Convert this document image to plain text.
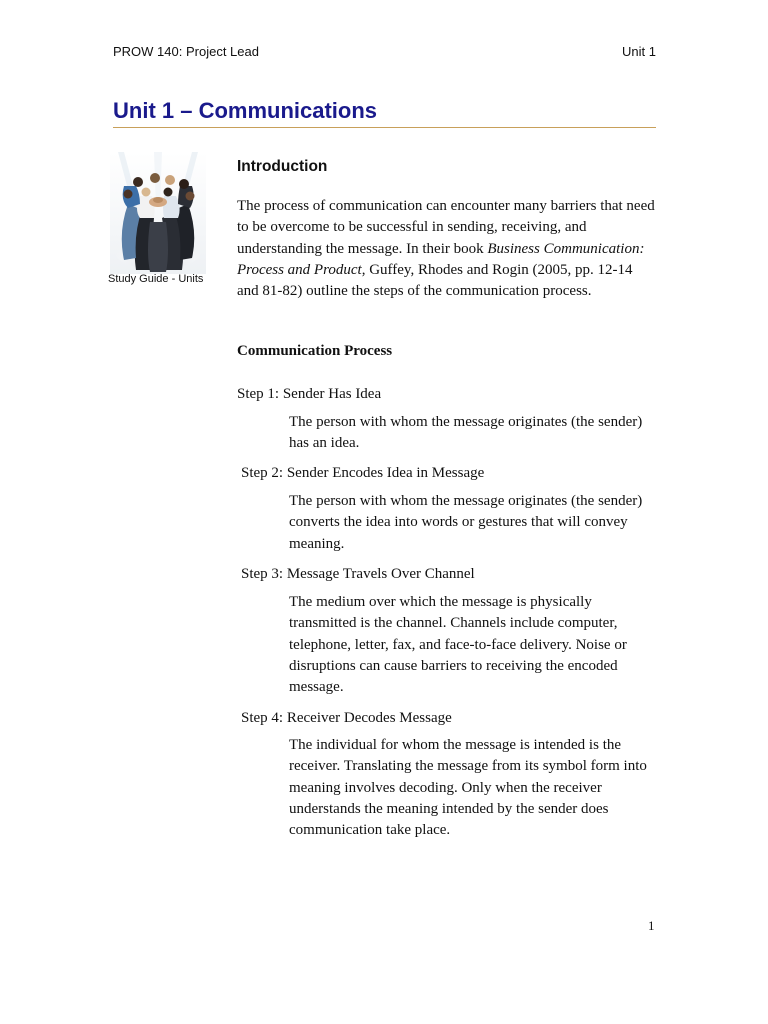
PROW 140: Project Lead	Unit 1
Unit 1 – Communications
Study Guide - Units
Introduction
The process of communication can encounter many barriers that need to be overcome to be successful in sending, receiving, and understanding the message. In their book Business Communication: Process and Product, Guffey, Rhodes and Rogin (2005, pp. 12-14 and 81-82) outline the steps of the communication process.
Communication Process
Step 1: Sender Has Idea
The person with whom the message originates (the sender) has an idea.
Step 2: Sender Encodes Idea in Message
The person with whom the message originates (the sender) converts the idea into words or gestures that will convey meaning.
Step 3: Message Travels Over Channel
The medium over which the message is physically transmitted is the channel. Channels include computer, telephone, letter, fax, and face-to-face delivery. Noise or disruptions can cause barriers to receiving the encoded message.
Step 4: Receiver Decodes Message
The individual for whom the message is intended is the receiver. Translating the message from its symbol form into meaning involves decoding. Only when the receiver understands the meaning intended by the sender does communication take place.
1
